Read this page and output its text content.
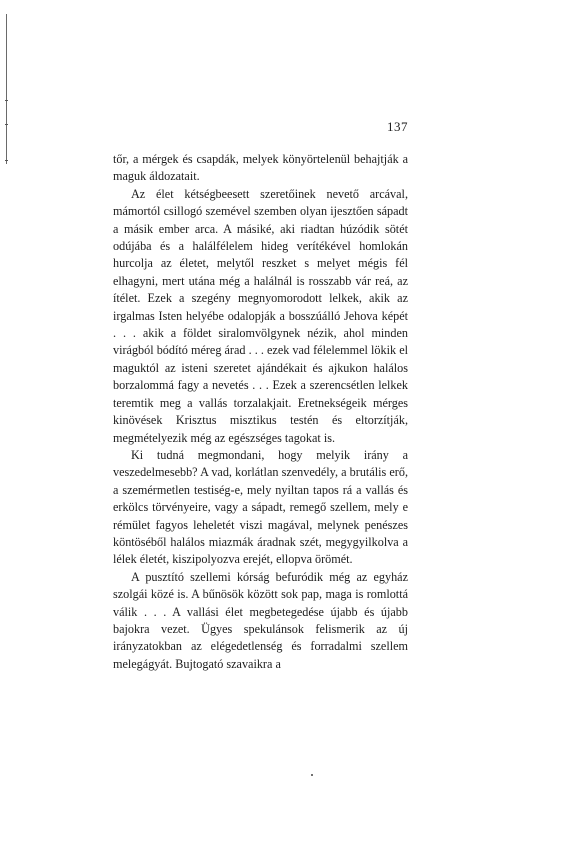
137

tőr, a mérgek és csapdák, melyek könyörtelenül behajtják a maguk áldozatait.

Az élet kétségbeesett szeretőinek nevető arcával, mámortól csillogó szemével szemben olyan ijesztően sápadt a másik ember arca. A másiké, aki riadtan húzódik sötét odújába és a halálfélelem hideg verítékével homlokán hurcolja az életet, melytől reszket s melyet mégis fél elhagyni, mert utána még a halálnál is rosszabb vár reá, az ítélet. Ezek a szegény megnyomorodott lelkek, akik az irgalmas Isten helyébe odalopják a bosszúálló Jehova képét . . . akik a földet siralomvölgynek nézik, ahol minden virágból bódító méreg árad . . . ezek vad félelemmel lökik el maguktól az isteni szeretet ajándékait és ajkukon halálos borzalommá fagy a nevetés . . . Ezek a szerencsétlen lelkek teremtik meg a vallás torzalakjait. Eretnekségeik mérges kinövések Krisztus misztikus testén és eltorzítják, megmételyezik még az egészséges tagokat is.

Ki tudná megmondani, hogy melyik irány a veszedelmesebb? A vad, korlátlan szenvedély, a brutális erő, a szemérmetlen testiség-e, mely nyiltan tapos rá a vallás és erkölcs törvényeire, vagy a sápadt, remegő szellem, mely e rémület fagyos leheletét viszi magával, melynek penészes köntöséből halálos miazmák áradnak szét, megygyilkolva a lélek életét, kiszipolyozva erejét, ellopva örömét.

A pusztító szellemi kórság befuródik még az egyház szolgái közé is. A bűnösök között sok pap, maga is romlottá válik . . . A vallási élet megbetegedése újabb és újabb bajokra vezet. Ügyes spekulánsok felismerik az új irányzatokban az elégedetlenség és forradalmi szellem melegágyát. Bujtogató szavaikra a
